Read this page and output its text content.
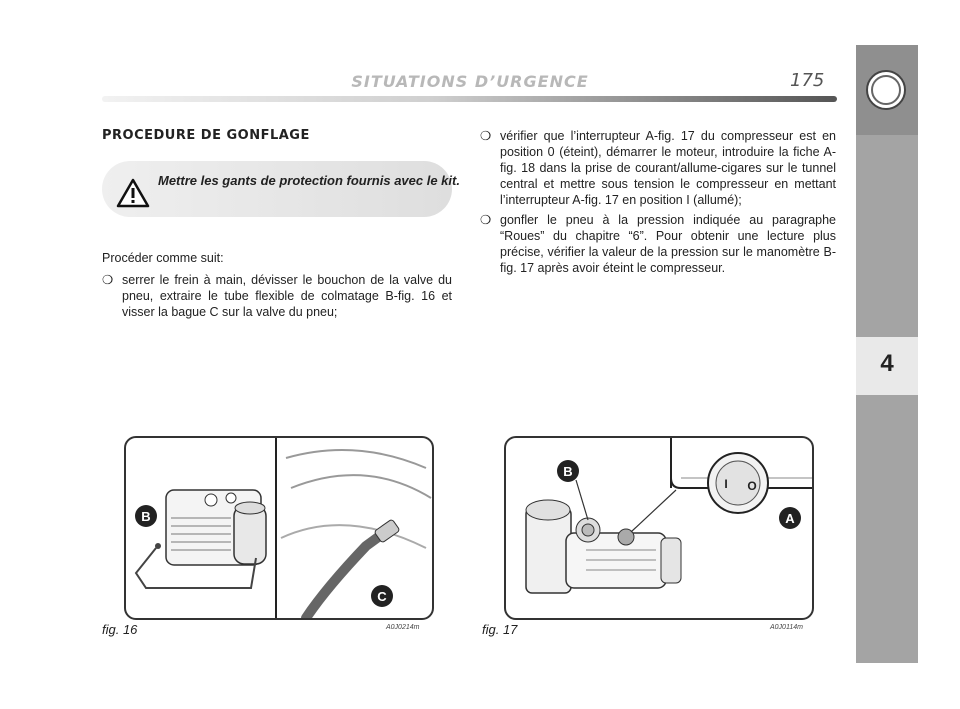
SITUATIONS D’URGENCE	175
4
PROCEDURE DE GONFLAGE
Mettre les gants de protection fournis avec le kit.
Procéder comme suit:
❍ serrer le frein à main, dévisser le bouchon de la valve du pneu, extraire le tube flexible de colmatage B-fig. 16 et visser la bague C sur la valve du pneu;
❍ vérifier que l’interrupteur A-fig. 17 du compresseur est en position 0 (éteint), démarrer le moteur, introduire la fiche A-fig. 18 dans la prise de courant/allume-cigares sur le tunnel central et mettre sous tension le compresseur en mettant l’interrupteur A-fig. 17 en position I (allumé);
❍ gonfler le pneu à la pression indiquée au paragraphe “Roues” du chapitre “6”. Pour obtenir une lecture plus précise, vérifier la valeur de la pression sur le manomètre B-fig. 17 après avoir éteint le compresseur.
B
C
fig. 16	A0J0214m
B
I O
A
fig. 17	A0J0114m
